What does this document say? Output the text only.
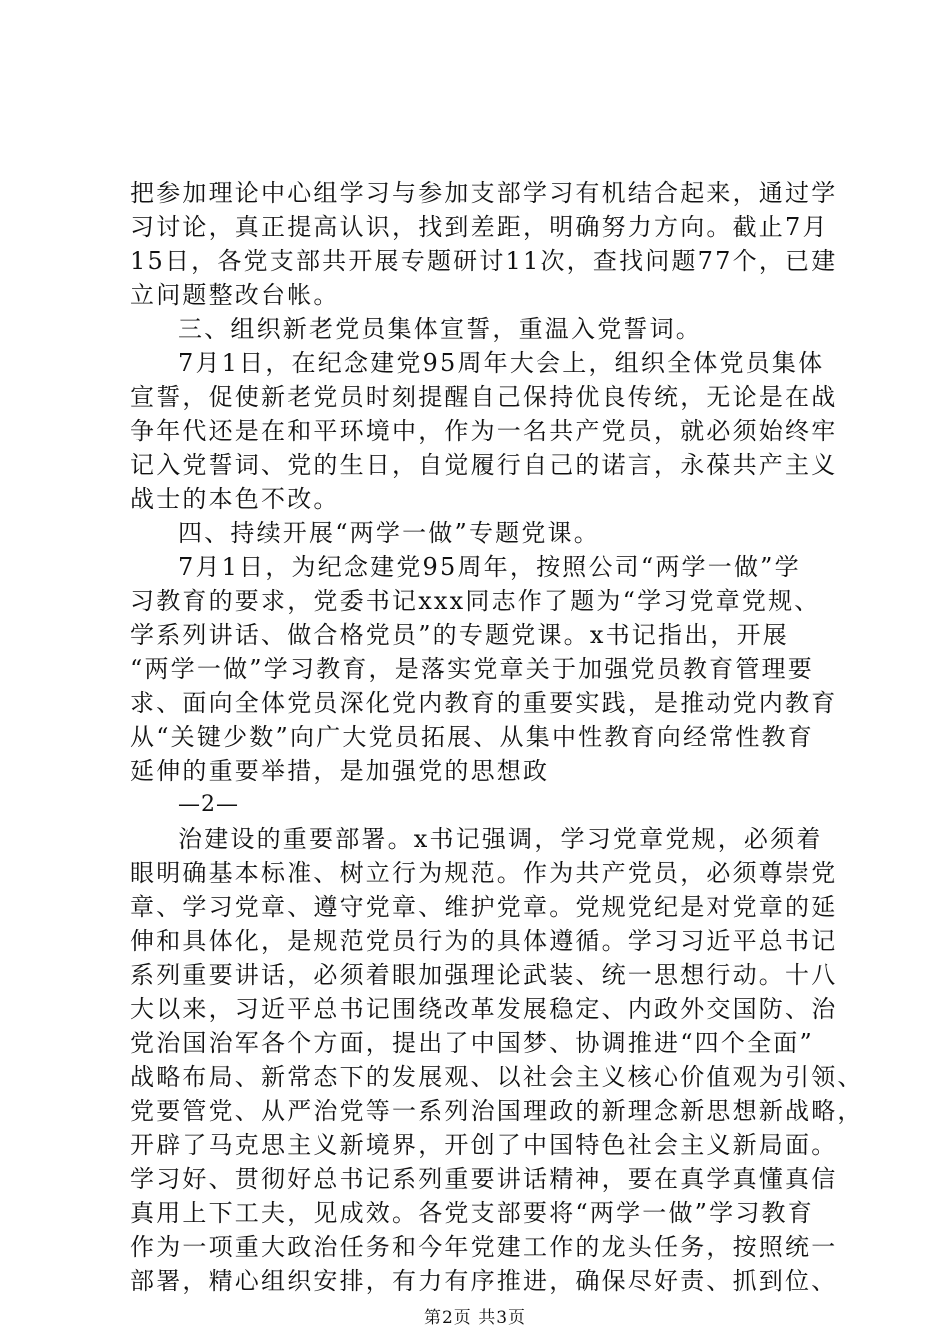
把参加理论中心组学习与参加支部学习有机结合起来，通过学
习讨论，真正提高认识，找到差距，明确努力方向。截止7月
15日，各党支部共开展专题研讨11次，查找问题77个，已建
立问题整改台帐。
三、组织新老党员集体宣誓，重温入党誓词。
7月1日，在纪念建党95周年大会上，组织全体党员集体
宣誓，促使新老党员时刻提醒自己保持优良传统，无论是在战
争年代还是在和平环境中，作为一名共产党员，就必须始终牢
记入党誓词、党的生日，自觉履行自己的诺言，永葆共产主义
战士的本色不改。
四、持续开展“两学一做”专题党课。
7月1日，为纪念建党95周年，按照公司“两学一做”学
习教育的要求，党委书记xxx同志作了题为“学习党章党规、
学系列讲话、做合格党员”的专题党课。x书记指出，开展
“两学一做”学习教育，是落实党章关于加强党员教育管理要
求、面向全体党员深化党内教育的重要实践，是推动党内教育
从“关键少数”向广大党员拓展、从集中性教育向经常性教育
延伸的重要举措，是加强党的思想政
—2—
治建设的重要部署。x书记强调，学习党章党规，必须着
眼明确基本标准、树立行为规范。作为共产党员，必须尊崇党
章、学习党章、遵守党章、维护党章。党规党纪是对党章的延
伸和具体化，是规范党员行为的具体遵循。学习习近平总书记
系列重要讲话，必须着眼加强理论武装、统一思想行动。十八
大以来，习近平总书记围绕改革发展稳定、内政外交国防、治
党治国治军各个方面，提出了中国梦、协调推进“四个全面”
战略布局、新常态下的发展观、以社会主义核心价值观为引领、
党要管党、从严治党等一系列治国理政的新理念新思想新战略，
开辟了马克思主义新境界，开创了中国特色社会主义新局面。
学习好、贯彻好总书记系列重要讲话精神，要在真学真懂真信
真用上下工夫，见成效。各党支部要将“两学一做”学习教育
作为一项重大政治任务和今年党建工作的龙头任务，按照统一
部署，精心组织安排，有力有序推进，确保尽好责、抓到位、
第2页 共3页
